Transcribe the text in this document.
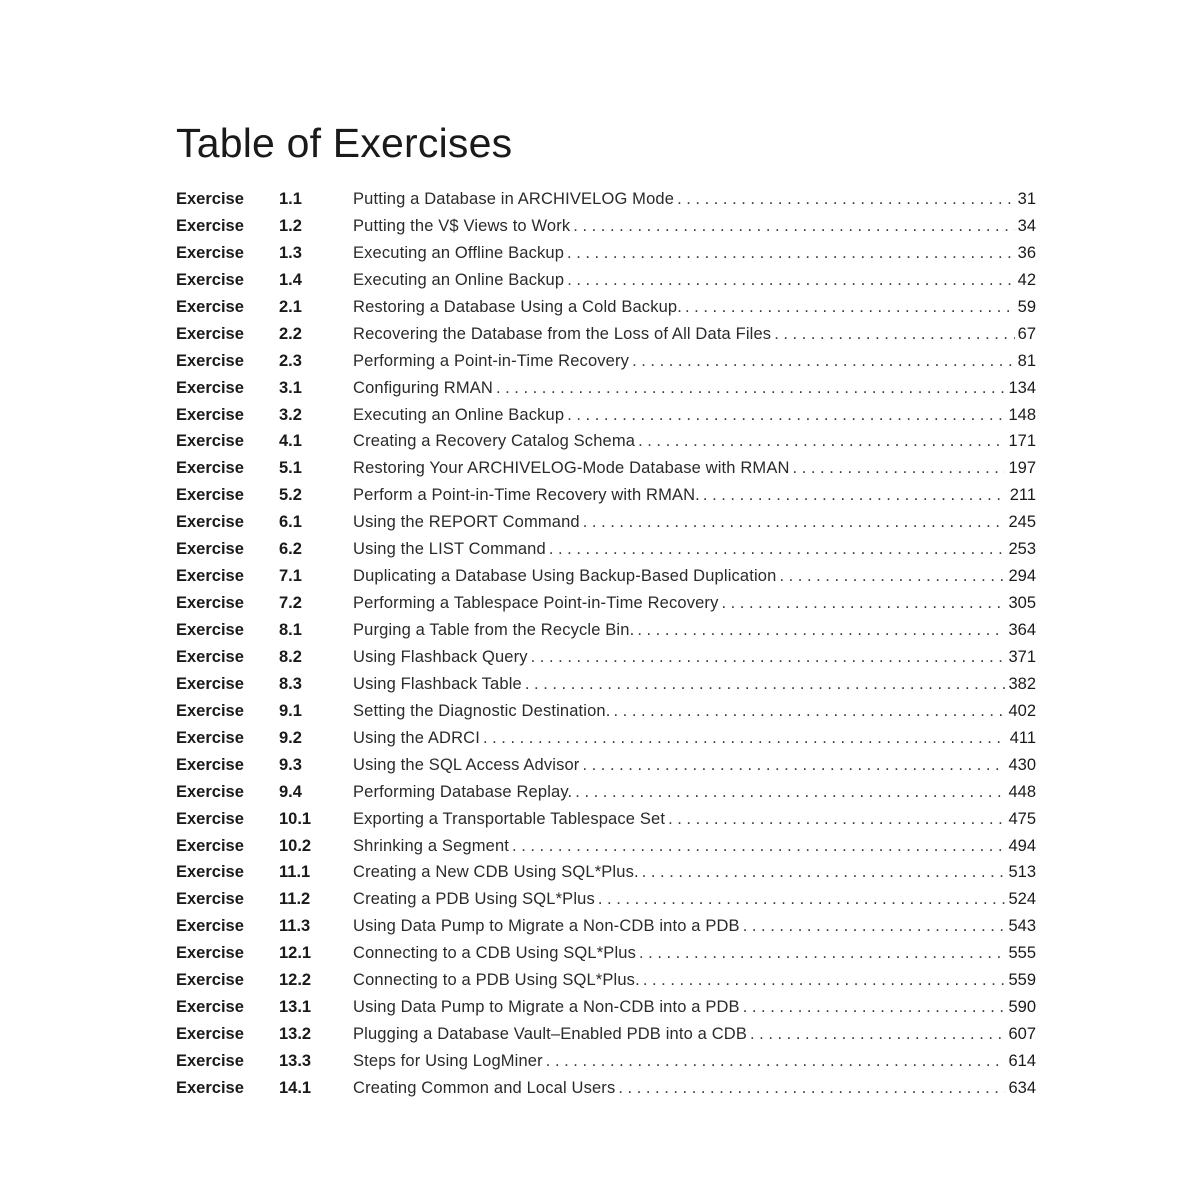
Table of Exercises
Exercise	1.1	Putting a Database in ARCHIVELOG Mode . . .	31
Exercise	1.2	Putting the V$ Views to Work . . .	34
Exercise	1.3	Executing an Offline Backup . . .	36
Exercise	1.4	Executing an Online Backup . . .	42
Exercise	2.1	Restoring a Database Using a Cold Backup. . . .	59
Exercise	2.2	Recovering the Database from the Loss of All Data Files . . .	67
Exercise	2.3	Performing a Point-in-Time Recovery . . .	81
Exercise	3.1	Configuring RMAN . . .	134
Exercise	3.2	Executing an Online Backup . . .	148
Exercise	4.1	Creating a Recovery Catalog Schema . . .	171
Exercise	5.1	Restoring Your ARCHIVELOG-Mode Database with RMAN . . .	197
Exercise	5.2	Perform a Point-in-Time Recovery with RMAN. . . .	211
Exercise	6.1	Using the REPORT Command . . .	245
Exercise	6.2	Using the LIST Command . . .	253
Exercise	7.1	Duplicating a Database Using Backup-Based Duplication . . .	294
Exercise	7.2	Performing a Tablespace Point-in-Time Recovery . . .	305
Exercise	8.1	Purging a Table from the Recycle Bin. . . .	364
Exercise	8.2	Using Flashback Query . . .	371
Exercise	8.3	Using Flashback Table . . .	382
Exercise	9.1	Setting the Diagnostic Destination. . . .	402
Exercise	9.2	Using the ADRCI . . .	411
Exercise	9.3	Using the SQL Access Advisor . . .	430
Exercise	9.4	Performing Database Replay. . . .	448
Exercise	10.1	Exporting a Transportable Tablespace Set . . .	475
Exercise	10.2	Shrinking a Segment . . .	494
Exercise	11.1	Creating a New CDB Using SQL*Plus. . . .	513
Exercise	11.2	Creating a PDB Using SQL*Plus . . .	524
Exercise	11.3	Using Data Pump to Migrate a Non-CDB into a PDB . . .	543
Exercise	12.1	Connecting to a CDB Using SQL*Plus . . .	555
Exercise	12.2	Connecting to a PDB Using SQL*Plus. . . .	559
Exercise	13.1	Using Data Pump to Migrate a Non-CDB into a PDB . . .	590
Exercise	13.2	Plugging a Database Vault–Enabled PDB into a CDB . . .	607
Exercise	13.3	Steps for Using LogMiner . . .	614
Exercise	14.1	Creating Common and Local Users . . .	634
